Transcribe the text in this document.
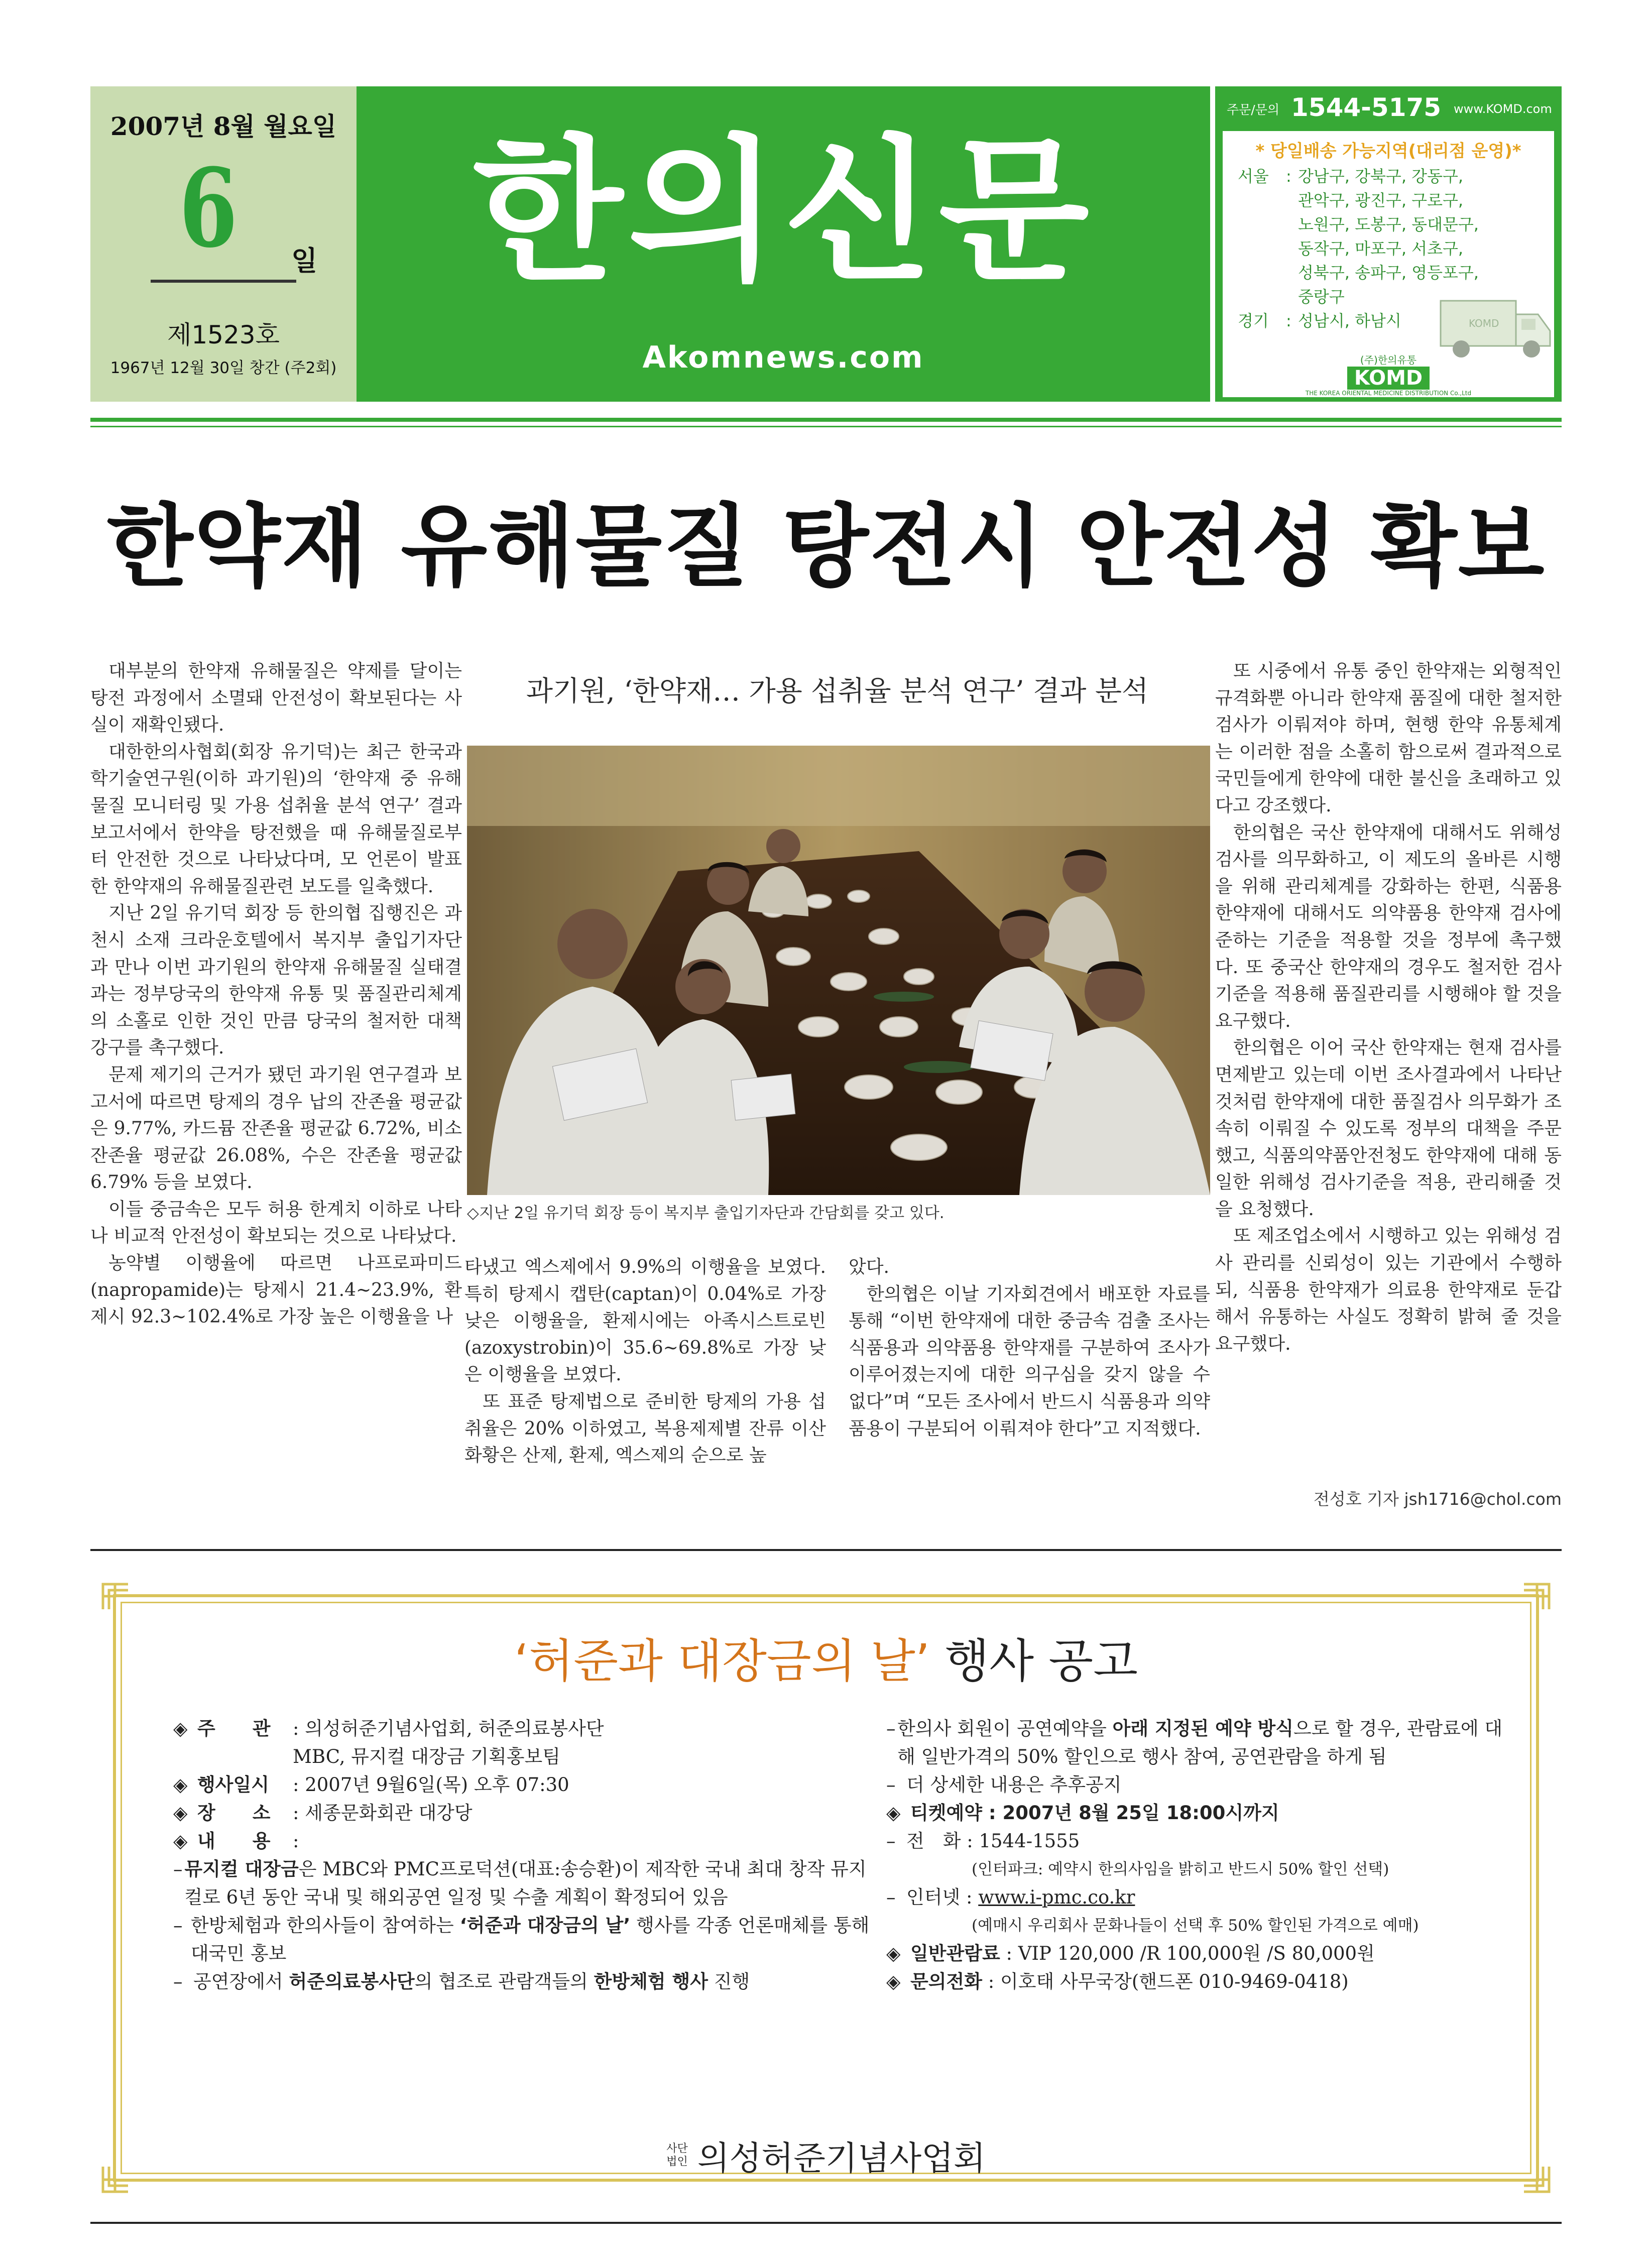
2007년 8월 월요일
6	일
제1523호
1967년 12월 30일 창간 (주2회)
한의신문
Akomnews.com
주문/문의 1544-5175 www.KOMD.com
* 당일배송 가능지역(대리점 운영)*
서울	: 강남구, 강북구, 강동구,
관악구, 광진구, 구로구,
노원구, 도봉구, 동대문구,
동작구, 마포구, 서초구,
성북구, 송파구, 영등포구,
중랑구
경기	: 성남시, 하남시	KOMD
(주)한의유통
KOMD
THE KOREA ORIENTAL MEDICINE DISTRIBUTION Co.,Ltd
한약재 유해물질 탕전시 안전성 확보

대부분의 한약재 유해물질은 약제를 달이는 탕전 과정에서 소멸돼 안전성이 확보된다는 사실이 재확인됐다.

대한한의사협회(회장 유기덕)는 최근 한국과학기술연구원(이하 과기원)의 ‘한약재 중 유해물질 모니터링 및 가용 섭취율 분석 연구’ 결과 보고서에서 한약을 탕전했을 때 유해물질로부터 안전한 것으로 나타났다며, 모 언론이 발표한 한약재의 유해물질관련 보도를 일축했다.

지난 2일 유기덕 회장 등 한의협 집행진은 과천시 소재 크라운호텔에서 복지부 출입기자단과 만나 이번 과기원의 한약재 유해물질 실태결과는 정부당국의 한약재 유통 및 품질관리체계의 소홀로 인한 것인 만큼 당국의 철저한 대책 강구를 촉구했다.

문제 제기의 근거가 됐던 과기원 연구결과 보고서에 따르면 탕제의 경우 납의 잔존율 평균값은 9.77%, 카드뮴 잔존율 평균값 6.72%, 비소 잔존율 평균값 26.08%, 수은 잔존율 평균값 6.79% 등을 보였다.

이들 중금속은 모두 허용 한계치 이하로 나타나 비교적 안전성이 확보되는 것으로 나타났다.

농약별 이행율에 따르면 나프로파미드(napropamide)는 탕제시 21.4~23.9%, 환제시 92.3~102.4%로 가장 높은 이행율을 나

과기원, ‘한약재… 가용 섭취율 분석 연구’ 결과 분석
◇지난 2일 유기덕 회장 등이 복지부 출입기자단과 간담회를 갖고 있다.

타냈고 엑스제에서 9.9%의 이행율을 보였다. 특히 탕제시 캡탄(captan)이 0.04%로 가장 낮은 이행율을, 환제시에는 아족시스트로빈(azoxystrobin)이 35.6~69.8%로 가장 낮은 이행율을 보였다.

또 표준 탕제법으로 준비한 탕제의 가용 섭취율은 20% 이하였고, 복용제제별 잔류 이산화황은 산제, 환제, 엑스제의 순으로 높

았다.

한의협은 이날 기자회견에서 배포한 자료를 통해 “이번 한약재에 대한 중금속 검출 조사는 식품용과 의약품용 한약재를 구분하여 조사가 이루어졌는지에 대한 의구심을 갖지 않을 수 없다”며 “모든 조사에서 반드시 식품용과 의약품용이 구분되어 이뤄져야 한다”고 지적했다.

또 시중에서 유통 중인 한약재는 외형적인 규격화뿐 아니라 한약재 품질에 대한 철저한 검사가 이뤄져야 하며, 현행 한약 유통체계는 이러한 점을 소홀히 함으로써 결과적으로 국민들에게 한약에 대한 불신을 초래하고 있다고 강조했다.

한의협은 국산 한약재에 대해서도 위해성 검사를 의무화하고, 이 제도의 올바른 시행을 위해 관리체계를 강화하는 한편, 식품용 한약재에 대해서도 의약품용 한약재 검사에 준하는 기준을 적용할 것을 정부에 촉구했다. 또 중국산 한약재의 경우도 철저한 검사 기준을 적용해 품질관리를 시행해야 할 것을 요구했다.

한의협은 이어 국산 한약재는 현재 검사를 면제받고 있는데 이번 조사결과에서 나타난 것처럼 한약재에 대한 품질검사 의무화가 조속히 이뤄질 수 있도록 정부의 대책을 주문했고, 식품의약품안전청도 한약재에 대해 동일한 위해성 검사기준을 적용, 관리해줄 것을 요청했다.

또 제조업소에서 시행하고 있는 위해성 검사 관리를 신뢰성이 있는 기관에서 수행하되, 식품용 한약재가 의료용 한약재로 둔갑해서 유통하는 사실도 정확히 밝혀 줄 것을 요구했다.

전성호 기자 jsh1716@chol.com
‘허준과 대장금의 날’ 행사 공고
◈ 주　　관	: 의성허준기념사업회, 허준의료봉사단
MBC, 뮤지컬 대장금 기획홍보팀
◈ 행사일시	: 2007년 9월6일(목) 오후 07:30
◈ 장　　소	: 세종문화회관 대강당
◈ 내　　용	:
– 뮤지컬 대장금은 MBC와 PMC프로덕션(대표:송승환)이 제작한 국내 최대 창작 뮤지컬로 6년 동안 국내 및 해외공연 일정 및 수출 계획이 확정되어 있음
– 한방체험과 한의사들이 참여하는 ‘허준과 대장금의 날’ 행사를 각종 언론매체를 통해 대국민 홍보
– 공연장에서 허준의료봉사단의 협조로 관람객들의 한방체험 행사 진행
– 한의사 회원이 공연예약을 아래 지정된 예약 방식으로 할 경우, 관람료에 대해 일반가격의 50% 할인으로 행사 참여, 공연관람을 하게 됨
– 더 상세한 내용은 추후공지
◈ 티켓예약 : 2007년 8월 25일 18:00시까지
– 전　화 : 1544-1555
(인터파크: 예약시 한의사임을 밝히고 반드시 50% 할인 선택)
– 인터넷 : www.i-pmc.co.kr
(예매시 우리회사 문화나들이 선택 후 50% 할인된 가격으로 예매)
◈ 일반관람료 : VIP 120,000 /R 100,000원 /S 80,000원
◈ 문의전화 : 이호태 사무국장(핸드폰 010-9469-0418)
사단
법인 의성허준기념사업회
